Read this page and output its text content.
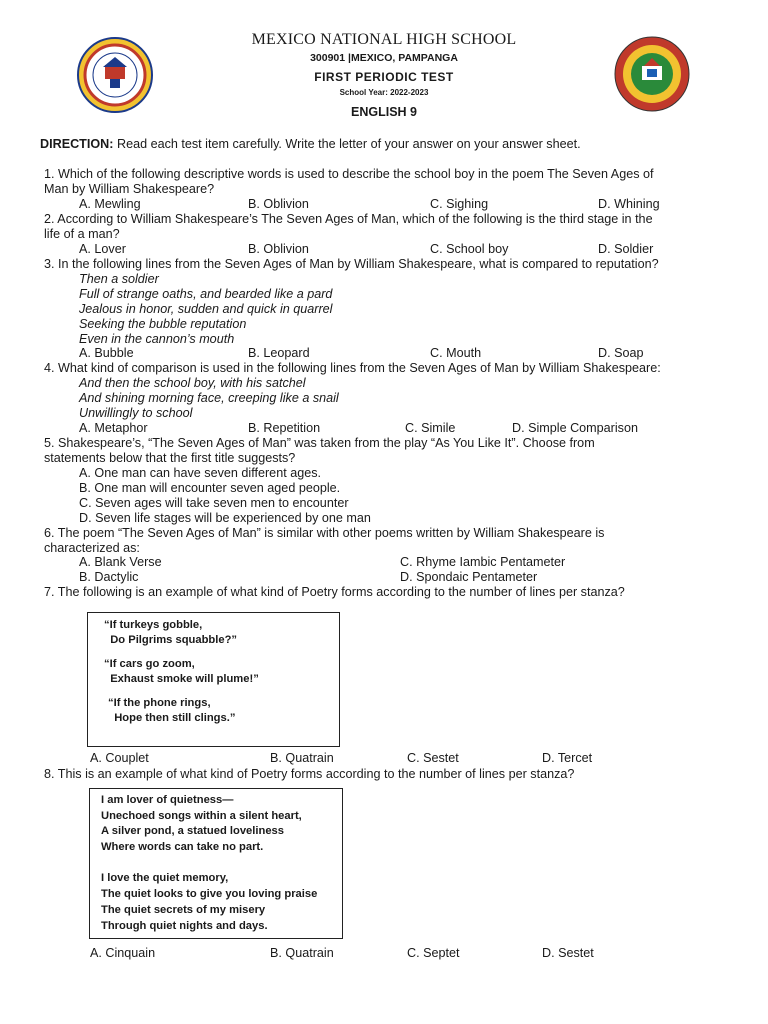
MEXICO NATIONAL HIGH SCHOOL
300901 |MEXICO, PAMPANGA
FIRST PERIODIC TEST
School Year: 2022-2023
ENGLISH 9
DIRECTION: Read each test item carefully. Write the letter of your answer on your answer sheet.
1. Which of the following descriptive words is used to describe the school boy in the poem The Seven Ages of
Man by William Shakespeare?
A. Mewling	B. Oblivion	C. Sighing	D. Whining
2. According to William Shakespeare’s The Seven Ages of Man, which of the following is the third stage in the
life of a man?
A. Lover	B. Oblivion	C. School boy	D. Soldier
3. In the following lines from the Seven Ages of Man by William Shakespeare, what is compared to reputation?
Then a soldier
Full of strange oaths, and bearded like a pard
Jealous in honor, sudden and quick in quarrel
Seeking the bubble reputation
Even in the cannon’s mouth
A. Bubble	B. Leopard	C. Mouth	D. Soap
4. What kind of comparison is used in the following lines from the Seven Ages of Man by William Shakespeare:
And then the school boy, with his satchel
And shining morning face, creeping like a snail
Unwillingly to school
A. Metaphor	B. Repetition	C. Simile	D. Simple Comparison
5. Shakespeare’s, “The Seven Ages of Man” was taken from the play “As You Like It”. Choose from
statements below that the first title suggests?
A. One man can have seven different ages.
B. One man will encounter seven aged people.
C. Seven ages will take seven men to encounter
D. Seven life stages will be experienced by one man
6. The poem “The Seven Ages of Man” is similar with other poems written by William Shakespeare is
characterized as:
A. Blank Verse	C. Rhyme Iambic Pentameter
B. Dactylic	D. Spondaic Pentameter
7. The following is an example of what kind of Poetry forms according to the number of lines per stanza?
“If turkeys gobble,
Do Pilgrims squabble?”
“If cars go zoom,
Exhaust smoke will plume!”
“If the phone rings,
Hope then still clings.”
A. Couplet	B. Quatrain	C. Sestet	D. Tercet
8. This is an example of what kind of Poetry forms according to the number of lines per stanza?
I am lover of quietness—
Unechoed songs within a silent heart,
A silver pond, a statued loveliness
Where words can take no part.
I love the quiet memory,
The quiet looks to give you loving praise
The quiet secrets of my misery
Through quiet nights and days.
A. Cinquain	B. Quatrain	C. Septet	D. Sestet
